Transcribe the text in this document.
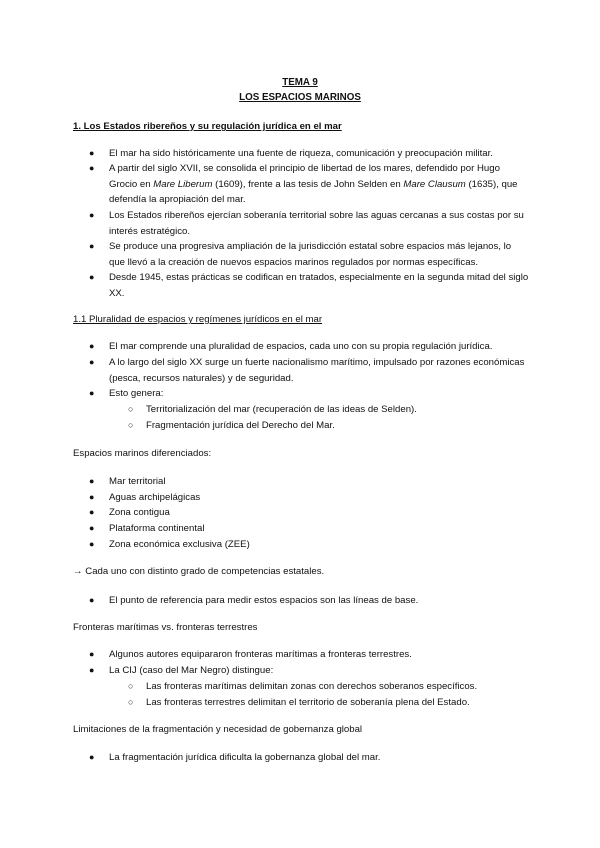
TEMA 9
LOS ESPACIOS MARINOS
1. Los Estados ribereños y su regulación jurídica en el mar
● El mar ha sido históricamente una fuente de riqueza, comunicación y preocupación militar.
● A partir del siglo XVII, se consolida el principio de libertad de los mares, defendido por Hugo Grocio en Mare Liberum (1609), frente a las tesis de John Selden en Mare Clausum (1635), que defendía la apropiación del mar.
● Los Estados ribereños ejercían soberanía territorial sobre las aguas cercanas a sus costas por su interés estratégico.
● Se produce una progresiva ampliación de la jurisdicción estatal sobre espacios más lejanos, lo que llevó a la creación de nuevos espacios marinos regulados por normas específicas.
● Desde 1945, estas prácticas se codifican en tratados, especialmente en la segunda mitad del siglo XX.
1.1 Pluralidad de espacios y regímenes jurídicos en el mar
● El mar comprende una pluralidad de espacios, cada uno con su propia regulación jurídica.
● A lo largo del siglo XX surge un fuerte nacionalismo marítimo, impulsado por razones económicas (pesca, recursos naturales) y de seguridad.
● Esto genera:
○ Territorialización del mar (recuperación de las ideas de Selden).
○ Fragmentación jurídica del Derecho del Mar.
Espacios marinos diferenciados:
● Mar territorial
● Aguas archipelágicas
● Zona contigua
● Plataforma continental
● Zona económica exclusiva (ZEE)
→ Cada uno con distinto grado de competencias estatales.
● El punto de referencia para medir estos espacios son las líneas de base.
Fronteras marítimas vs. fronteras terrestres
● Algunos autores equipararon fronteras marítimas a fronteras terrestres.
● La CIJ (caso del Mar Negro) distingue:
○ Las fronteras marítimas delimitan zonas con derechos soberanos específicos.
○ Las fronteras terrestres delimitan el territorio de soberanía plena del Estado.
Limitaciones de la fragmentación y necesidad de gobernanza global
● La fragmentación jurídica dificulta la gobernanza global del mar.
